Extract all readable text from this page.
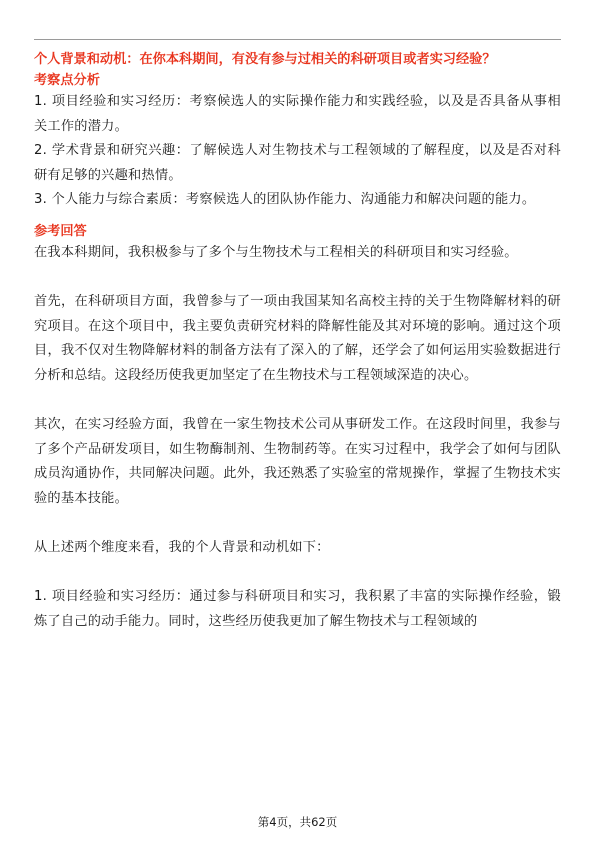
个人背景和动机：在你本科期间，有没有参与过相关的科研项目或者实习经验？

考察点分析

1. 项目经验和实习经历：考察候选人的实际操作能力和实践经验，以及是否具备从事相关工作的潜力。

2. 学术背景和研究兴趣：了解候选人对生物技术与工程领域的了解程度，以及是否对科研有足够的兴趣和热情。

3. 个人能力与综合素质：考察候选人的团队协作能力、沟通能力和解决问题的能力。

参考回答

在我本科期间，我积极参与了多个与生物技术与工程相关的科研项目和实习经验。

首先，在科研项目方面，我曾参与了一项由我国某知名高校主持的关于生物降解材料的研究项目。在这个项目中，我主要负责研究材料的降解性能及其对环境的影响。通过这个项目，我不仅对生物降解材料的制备方法有了深入的了解，还学会了如何运用实验数据进行分析和总结。这段经历使我更加坚定了在生物技术与工程领域深造的决心。

其次，在实习经验方面，我曾在一家生物技术公司从事研发工作。在这段时间里，我参与了多个产品研发项目，如生物酶制剂、生物制药等。在实习过程中，我学会了如何与团队成员沟通协作，共同解决问题。此外，我还熟悉了实验室的常规操作，掌握了生物技术实验的基本技能。

从上述两个维度来看，我的个人背景和动机如下：

1. 项目经验和实习经历：通过参与科研项目和实习，我积累了丰富的实际操作经验，锻炼了自己的动手能力。同时，这些经历使我更加了解生物技术与工程领域的

第4页，共62页
